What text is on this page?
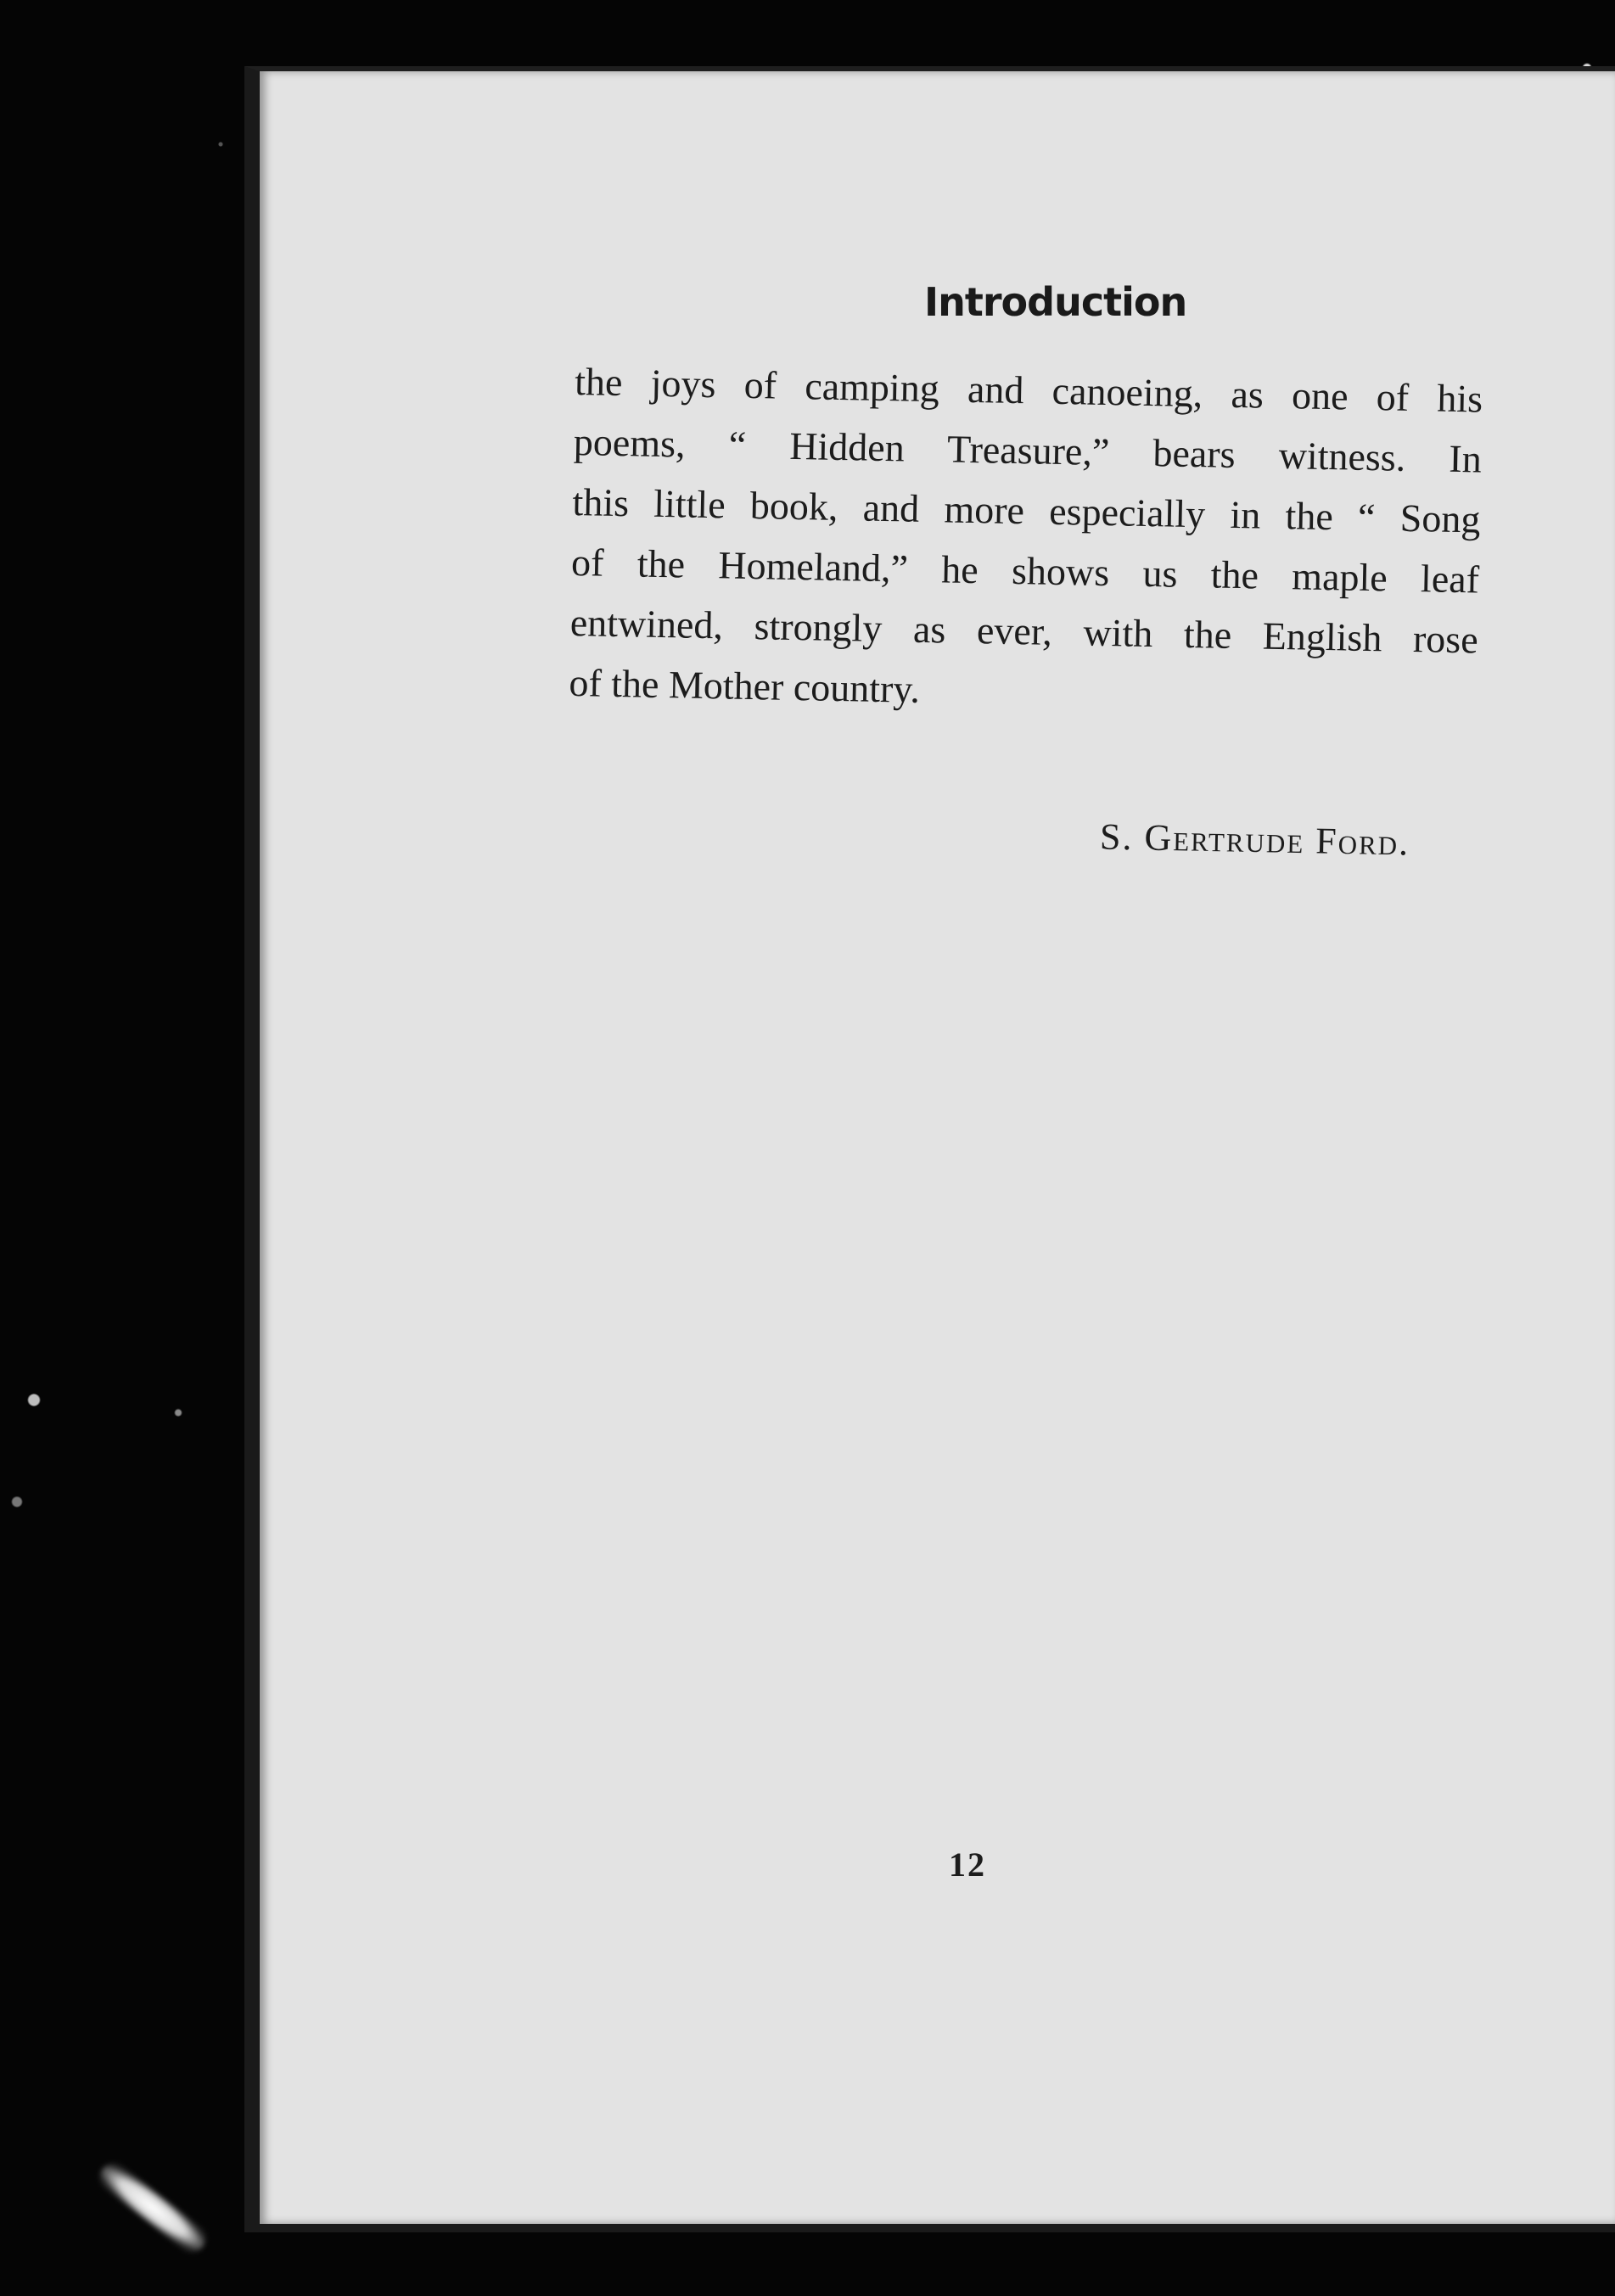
Introduction
the joys of camping and canoeing, as one of his
poems, “ Hidden Treasure,” bears witness. In
this little book, and more especially in the “ Song
of the Homeland,” he shows us the maple leaf
entwined, strongly as ever, with the English rose
of the Mother country.
S. Gertrude Ford.
12
